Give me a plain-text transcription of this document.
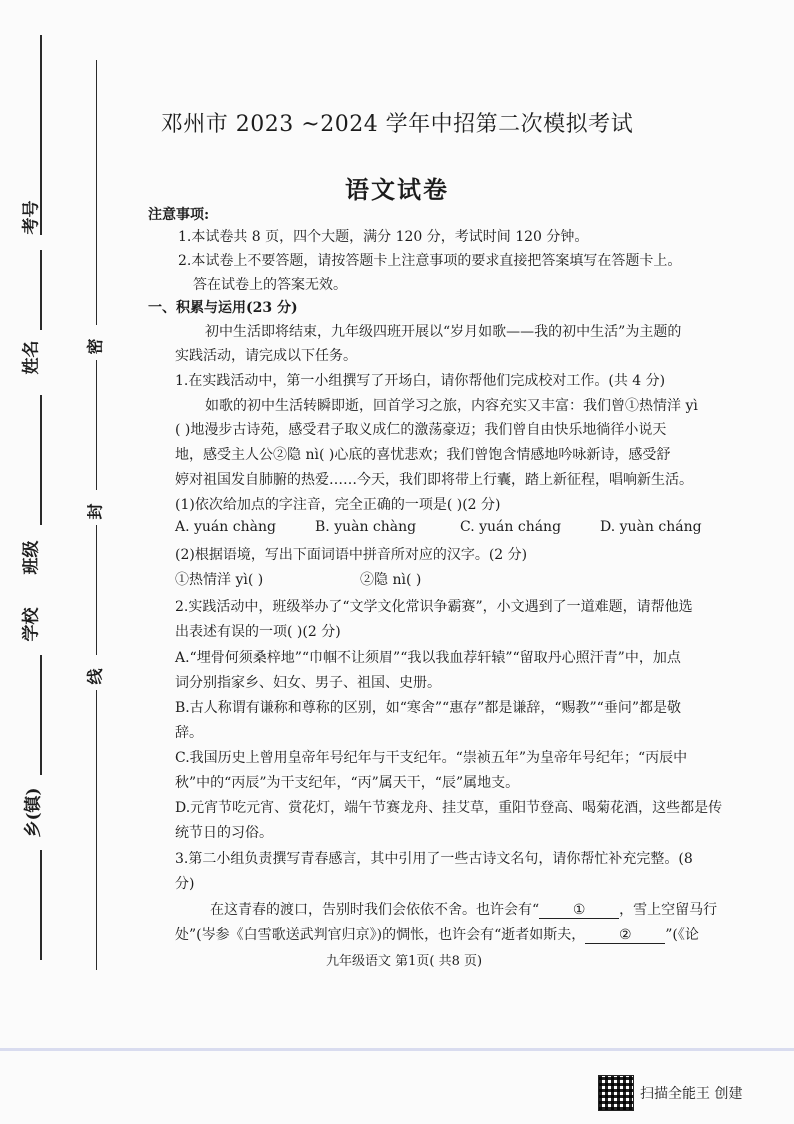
考号
姓名
班级
学校
乡(镇)
密
封
线
邓州市 2023 ~2024 学年中招第二次模拟考试
语文试卷
注意事项:
1.本试卷共 8 页，四个大题，满分 120 分，考试时间 120 分钟。
2.本试卷上不要答题，请按答题卡上注意事项的要求直接把答案填写在答题卡上。
答在试卷上的答案无效。
一、积累与运用(23 分)
初中生活即将结束，九年级四班开展以“岁月如歌——我的初中生活”为主题的
实践活动，请完成以下任务。
1.在实践活动中，第一小组撰写了开场白，请你帮他们完成校对工作。(共 4 分)
如歌的初中生活转瞬即逝，回首学习之旅，内容充实又丰富：我们曾①热情洋 yì
( )地漫步古诗苑，感受君子取义成仁的激荡豪迈；我们曾自由快乐地徜徉小说天
地，感受主人公②隐 nì( )心底的喜忧悲欢；我们曾饱含情感地吟咏新诗，感受舒
婷对祖国发自肺腑的热爱……今天，我们即将带上行囊，踏上新征程，唱响新生活。
(1)依次给加点的字注音，完全正确的一项是( )(2 分)
A. yuán chàng	B. yuàn chàng	C. yuán cháng	D. yuàn cháng
(2)根据语境，写出下面词语中拼音所对应的汉字。(2 分)
①热情洋 yì( )	②隐 nì( )
2.实践活动中，班级举办了“文学文化常识争霸赛”，小文遇到了一道难题，请帮他选
出表述有误的一项( )(2 分)
A.“埋骨何须桑梓地”“巾帼不让须眉”“我以我血荐轩辕”“留取丹心照汗青”中，加点
词分别指家乡、妇女、男子、祖国、史册。
B.古人称谓有谦称和尊称的区别，如“寒舍”“惠存”都是谦辞，“赐教”“垂问”都是敬
辞。
C.我国历史上曾用皇帝年号纪年与干支纪年。“崇祯五年”为皇帝年号纪年；“丙辰中
秋”中的“丙辰”为干支纪年，“丙”属天干，“辰”属地支。
D.元宵节吃元宵、赏花灯，端午节赛龙舟、挂艾草，重阳节登高、喝菊花酒，这些都是传
统节日的习俗。
3.第二小组负责撰写青春感言，其中引用了一些古诗文名句，请你帮忙补充完整。(8
分)
在这青春的渡口，告别时我们会依依不舍。也许会有“ ① ，雪上空留马行
处”(岑参《白雪歌送武判官归京》)的惆怅，也许会有“逝者如斯夫， ② ”(《论
九年级语文 第1页( 共8 页)
扫描全能王 创建
